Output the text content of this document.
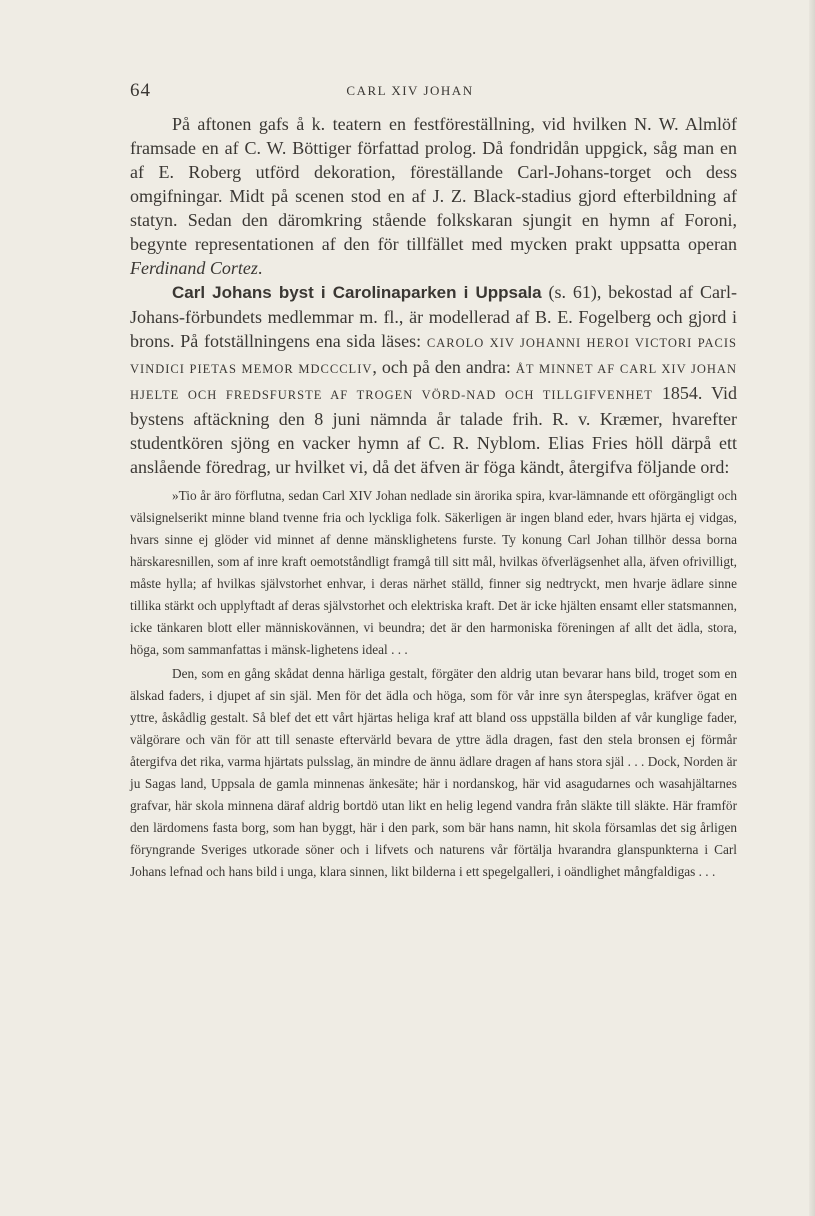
64	CARL XIV JOHAN

På aftonen gafs å k. teatern en festföreställning, vid hvilken N. W. Almlöf framsade en af C. W. Böttiger författad prolog. Då fondridån uppgick, såg man en af E. Roberg utförd dekoration, föreställande Carl-Johans-torget och dess omgifningar. Midt på scenen stod en af J. Z. Black-stadius gjord efterbildning af statyn. Sedan den däromkring stående folkskaran sjungit en hymn af Foroni, begynte representationen af den för tillfället med mycken prakt uppsatta operan Ferdinand Cortez.

Carl Johans byst i Carolinaparken i Uppsala (s. 61), bekostad af Carl-Johans-förbundets medlemmar m. fl., är modellerad af B. E. Fogelberg och gjord i brons. På fotställningens ena sida läses: CAROLO XIV JOHANNI HEROI VICTORI PACIS VINDICI PIETAS MEMOR MDCCCLIV, och på den andra: ÅT MINNET AF CARL XIV JOHAN HJELTE OCH FREDSFURSTE AF TROGEN VÖRD-NAD OCH TILLGIFVENHET 1854. Vid bystens aftäckning den 8 juni nämnda år talade frih. R. v. Kræmer, hvarefter studentkören sjöng en vacker hymn af C. R. Nyblom. Elias Fries höll därpå ett anslående föredrag, ur hvilket vi, då det äfven är föga kändt, återgifva följande ord:

»Tio år äro förflutna, sedan Carl XIV Johan nedlade sin ärorika spira, kvar-lämnande ett oförgängligt och välsignelserikt minne bland tvenne fria och lyckliga folk. Säkerligen är ingen bland eder, hvars hjärta ej vidgas, hvars sinne ej glöder vid minnet af denne mänsklighetens furste. Ty konung Carl Johan tillhör dessa borna härskaresnillen, som af inre kraft oemotståndligt framgå till sitt mål, hvilkas öfverlägsenhet alla, äfven ofrivilligt, måste hylla; af hvilkas självstorhet enhvar, i deras närhet ställd, finner sig nedtryckt, men hvarje ädlare sinne tillika stärkt och upplyftadt af deras självstorhet och elektriska kraft. Det är icke hjälten ensamt eller statsmannen, icke tänkaren blott eller människovännen, vi beundra; det är den harmoniska föreningen af allt det ädla, stora, höga, som sammanfattas i mänsk-lighetens ideal . . .

Den, som en gång skådat denna härliga gestalt, förgäter den aldrig utan bevarar hans bild, troget som en älskad faders, i djupet af sin själ. Men för det ädla och höga, som för vår inre syn återspeglas, kräfver ögat en yttre, åskådlig gestalt. Så blef det ett vårt hjärtas heliga kraf att bland oss uppställa bilden af vår kunglige fader, välgörare och vän för att till senaste eftervärld bevara de yttre ädla dragen, fast den stela bronsen ej förmår återgifva det rika, varma hjärtats pulsslag, än mindre de ännu ädlare dragen af hans stora själ . . . Dock, Norden är ju Sagas land, Uppsala de gamla minnenas änkesäte; här i nordanskog, här vid asagudarnes och wasahjältarnes grafvar, här skola minnena däraf aldrig bortdö utan likt en helig legend vandra från släkte till släkte. Här framför den lärdomens fasta borg, som han byggt, här i den park, som bär hans namn, hit skola församlas det sig årligen föryngrande Sveriges utkorade söner och i lifvets och naturens vår förtälja hvarandra glanspunkterna i Carl Johans lefnad och hans bild i unga, klara sinnen, likt bilderna i ett spegelgalleri, i oändlighet mångfaldigas . . .
